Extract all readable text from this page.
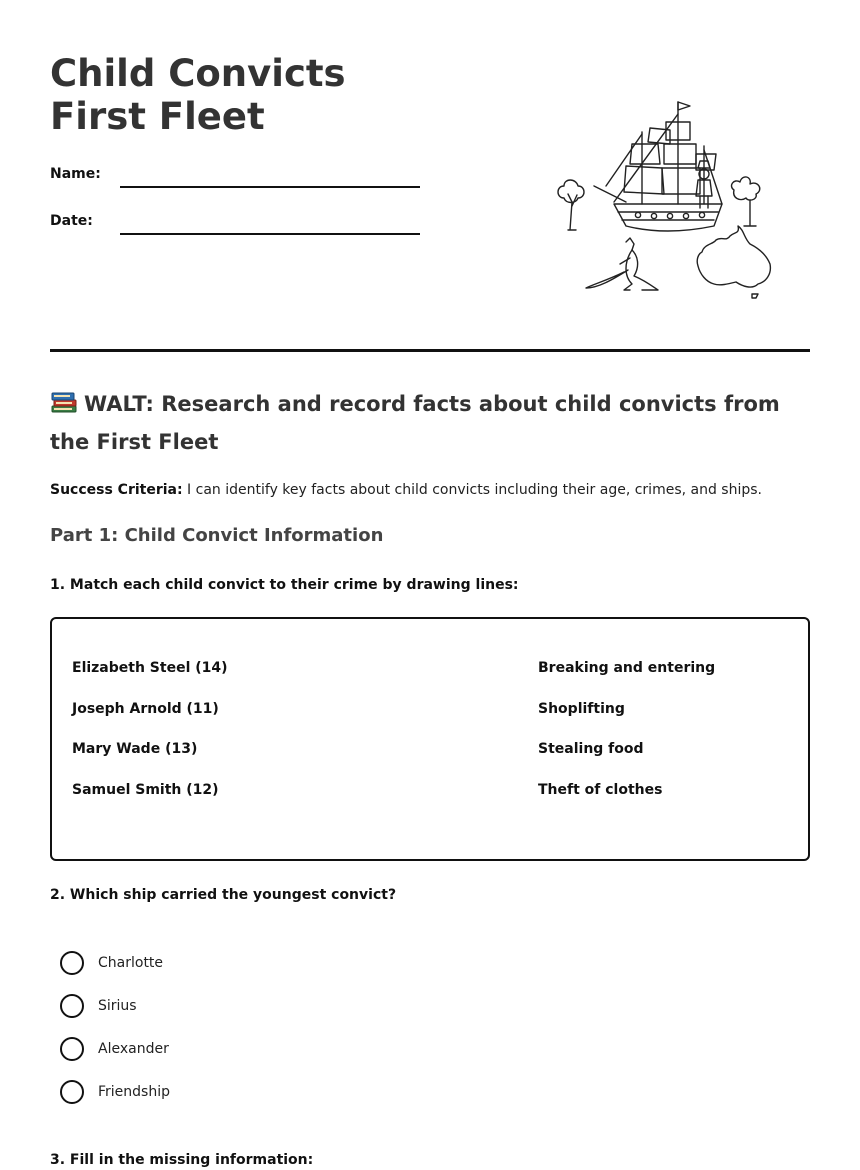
Child Convicts First Fleet
Name:
Date:
WALT: Research and record facts about child convicts from the First Fleet
Success Criteria: I can identify key facts about child convicts including their age, crimes, and ships.
Part 1: Child Convict Information
1. Match each child convict to their crime by drawing lines:
Elizabeth Steel (14)
Joseph Arnold (11)
Mary Wade (13)
Samuel Smith (12)
Breaking and entering
Shoplifting
Stealing food
Theft of clothes
2. Which ship carried the youngest convict?
Charlotte
Sirius
Alexander
Friendship
3. Fill in the missing information:
